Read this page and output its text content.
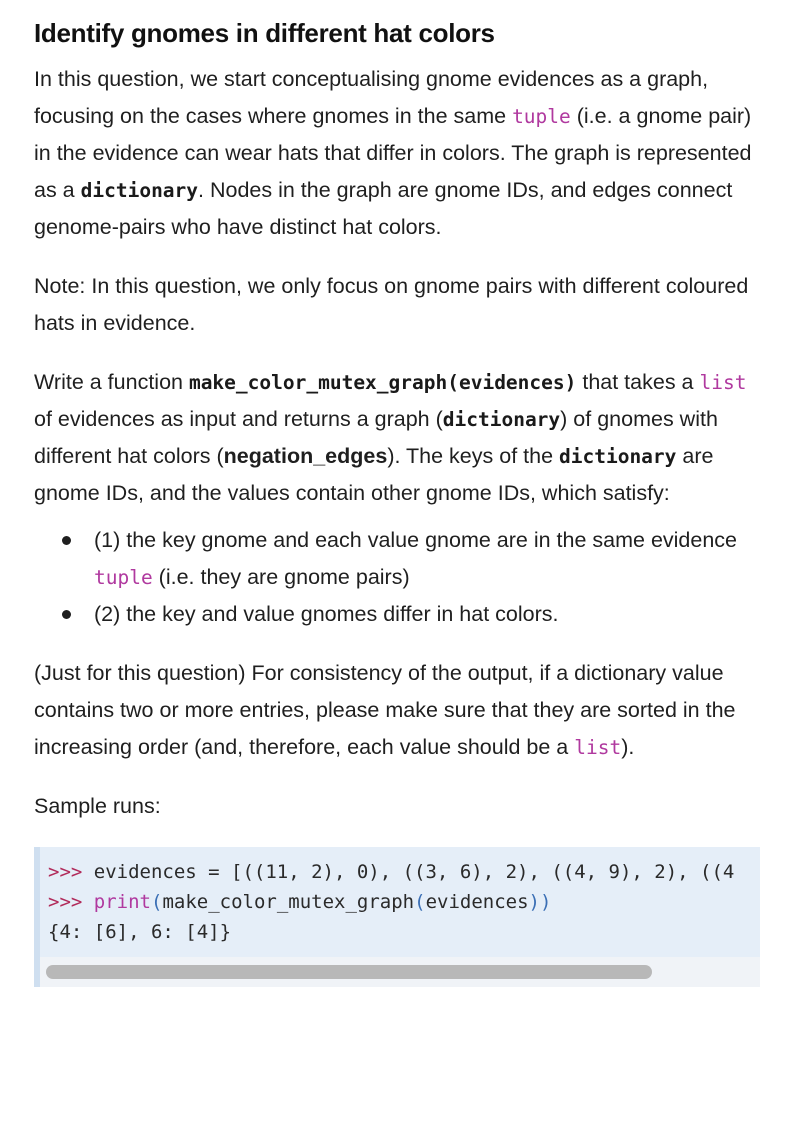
Identify gnomes in different hat colors

In this question, we start conceptualising gnome evidences as a graph, focusing on the cases where gnomes in the same tuple (i.e. a gnome pair) in the evidence can wear hats that differ in colors. The graph is represented as a dictionary. Nodes in the graph are gnome IDs, and edges connect genome-pairs who have distinct hat colors.

Note: In this question, we only focus on gnome pairs with different coloured hats in evidence.

Write a function make_color_mutex_graph(evidences) that takes a list of evidences as input and returns a graph (dictionary) of gnomes with different hat colors (negation_edges). The keys of the dictionary are gnome IDs, and the values contain other gnome IDs, which satisfy:

(1) the key gnome and each value gnome are in the same evidence tuple (i.e. they are gnome pairs)
(2) the key and value gnomes differ in hat colors.

(Just for this question) For consistency of the output, if a dictionary value contains two or more entries, please make sure that they are sorted in the increasing order (and, therefore, each value should be a list).

Sample runs:

>>> evidences = [((11, 2), 0), ((3, 6), 2), ((4, 9), 2), ((4
>>> print(make_color_mutex_graph(evidences))
{4: [6], 6: [4]}
